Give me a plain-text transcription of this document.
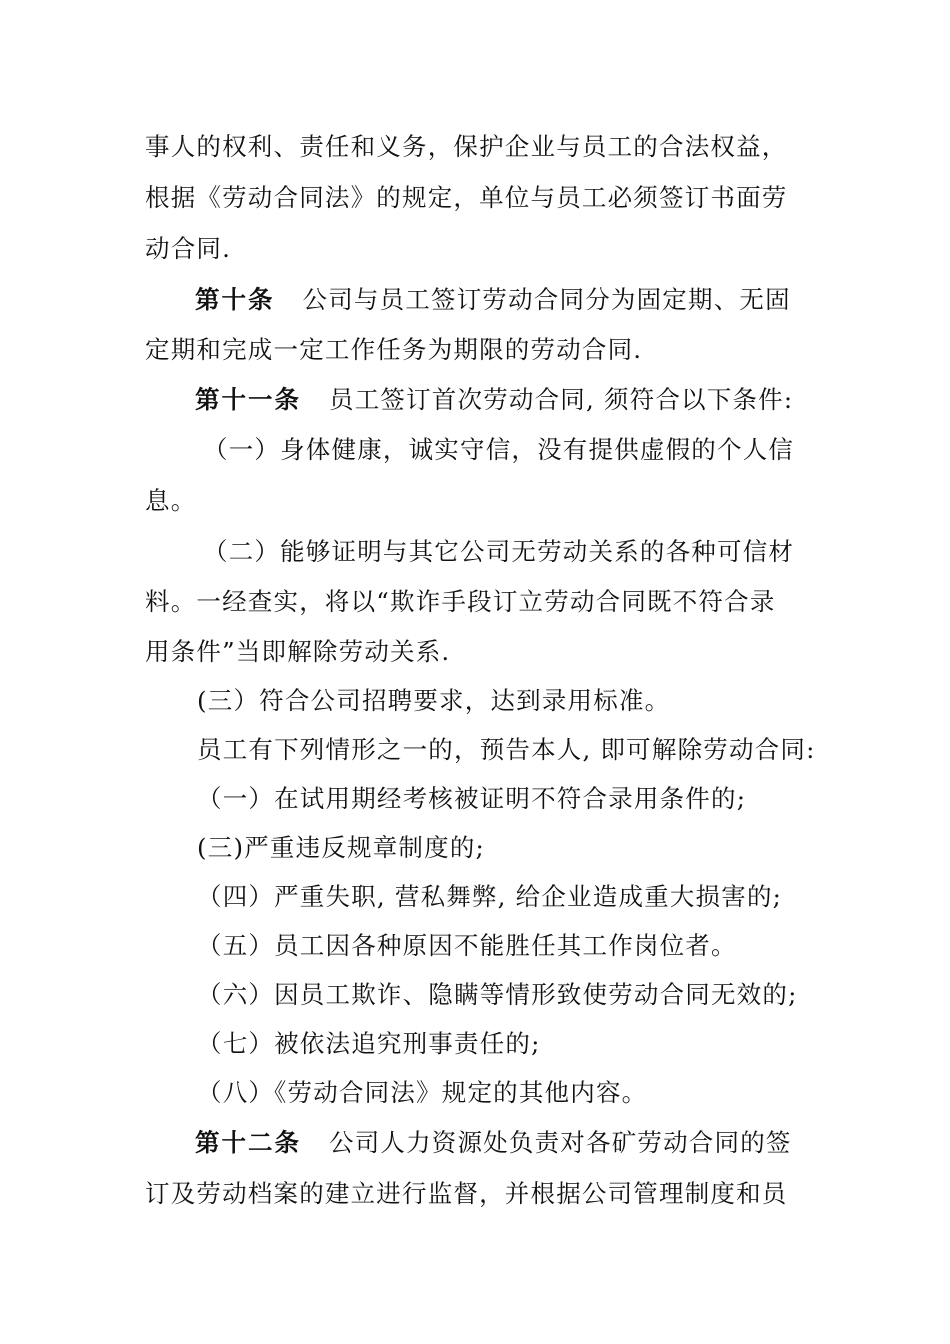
事人的权利、责任和义务，保护企业与员工的合法权益，
根据《劳动合同法》的规定，单位与员工必须签订书面劳
动合同.
第十条 公司与员工签订劳动合同分为固定期、无固
定期和完成一定工作任务为期限的劳动合同.
第十一条 员工签订首次劳动合同, 须符合以下条件:
（一）身体健康，诚实守信，没有提供虚假的个人信
息。
（二）能够证明与其它公司无劳动关系的各种可信材
料。一经查实，将以“欺诈手段订立劳动合同既不符合录
用条件”当即解除劳动关系.
(三）符合公司招聘要求，达到录用标准。
员工有下列情形之一的，预告本人, 即可解除劳动合同:
（一）在试用期经考核被证明不符合录用条件的;
(三)严重违反规章制度的;
（四）严重失职, 营私舞弊, 给企业造成重大损害的;
（五）员工因各种原因不能胜任其工作岗位者。
（六）因员工欺诈、隐瞒等情形致使劳动合同无效的;
（七）被依法追究刑事责任的;
（八）《劳动合同法》规定的其他内容。
第十二条 公司人力资源处负责对各矿劳动合同的签
订及劳动档案的建立进行监督，并根据公司管理制度和员
